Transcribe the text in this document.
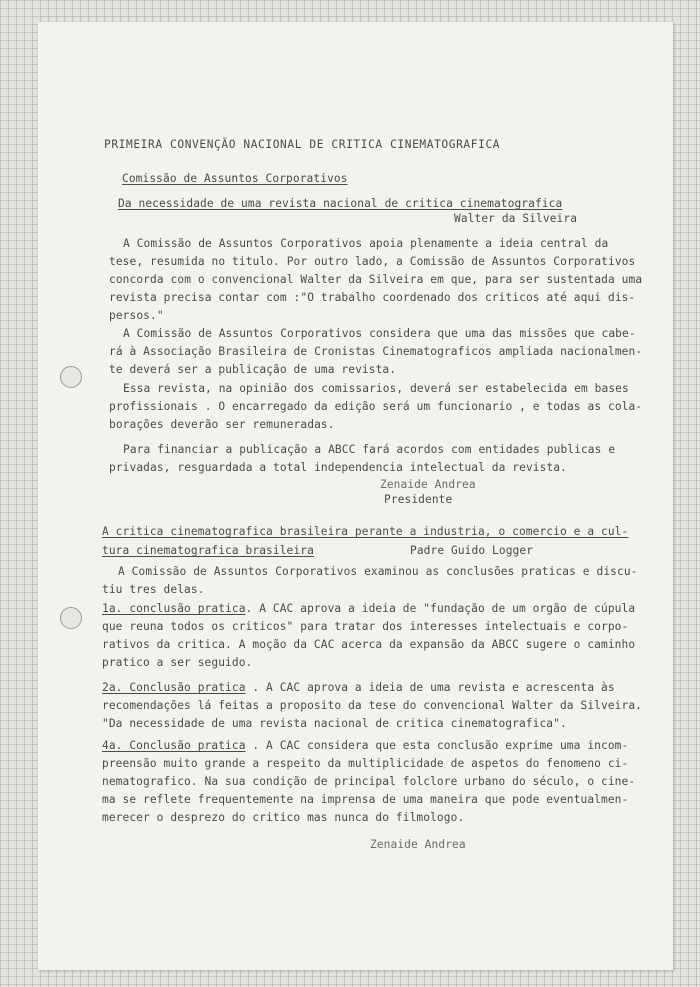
PRIMEIRA CONVENÇÃO NACIONAL DE CRITICA CINEMATOGRAFICA
Comissão de Assuntos Corporativos
Da necessidade de uma revista nacional de critica cinematografica
Walter da Silveira
A Comissão de Assuntos Corporativos apoia plenamente a ideia central da
tese, resumida no titulo. Por outro lado, a Comissão de Assuntos Corporativos
concorda com o convencional Walter da Silveira em que, para ser sustentada uma
revista precisa contar com :"O trabalho coordenado dos criticos até aqui dis-
persos."
A Comissão de Assuntos Corporativos considera que uma das missões que cabe-
rá à Associação Brasileira de Cronistas Cinematograficos ampliada nacionalmen-
te deverá ser a publicação de uma revista.
Essa revista, na opinião dos comissarios, deverá ser estabelecida em bases
profissionais . O encarregado da edição será um funcionario , e todas as cola-
borações deverão ser remuneradas.
Para financiar a publicação a ABCC fará acordos com entidades publicas e
privadas, resguardada a total independencia intelectual da revista.
Zenaide Andrea
Presidente
A critica cinematografica brasileira perante a industria, o comercio e a cul-
tura cinematografica brasileira	Padre Guido Logger
A Comissão de Assuntos Corporativos examinou as conclusões praticas e discu-
tiu tres delas.
1a. conclusão pratica. A CAC aprova a ideia de "fundação de um orgão de cúpula
que reuna todos os criticos" para tratar dos interesses intelectuais e corpo-
rativos da critica. A moção da CAC acerca da expansão da ABCC sugere o caminho
pratico a ser seguido.
2a. Conclusão pratica . A CAC aprova a ideia de uma revista e acrescenta às
recomendações lá feitas a proposito da tese do convencional Walter da Silveira.
"Da necessidade de uma revista nacional de critica cinematografica".
4a. Conclusão pratica . A CAC considera que esta conclusão exprime uma incom-
preensão muito grande a respeito da multiplicidade de aspetos do fenomeno ci-
nematografico. Na sua condição de principal folclore urbano do século, o cine-
ma se reflete frequentemente na imprensa de uma maneira que pode eventualmen-
merecer o desprezo do critico mas nunca do filmologo.
Zenaide Andrea
